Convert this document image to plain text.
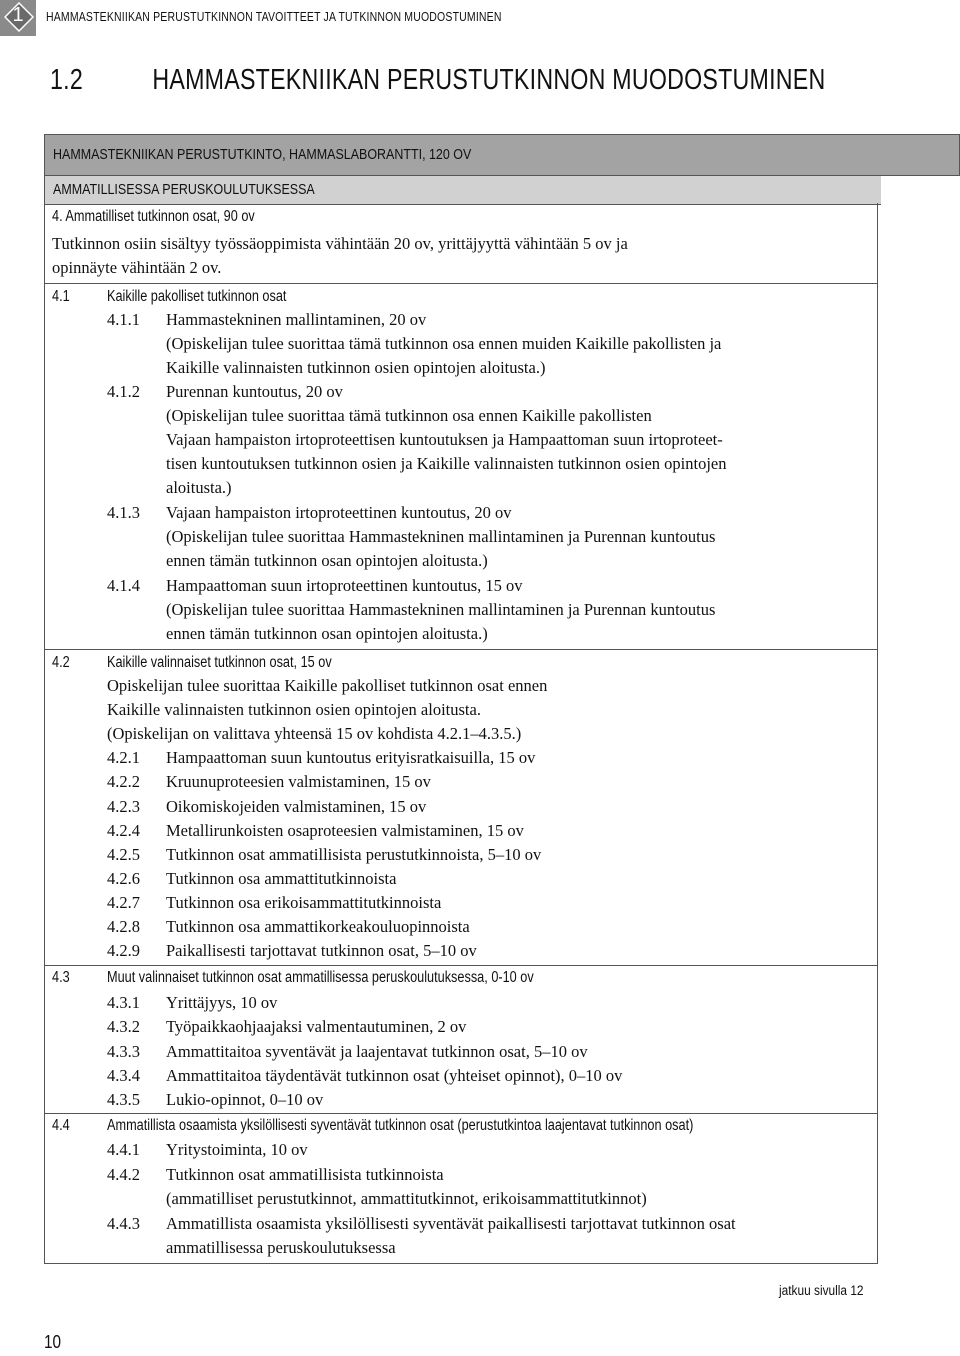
1	HAMMASTEKNIIKAN PERUSTUTKINNON TAVOITTEET JA TUTKINNON MUODOSTUMINEN
1.2 HAMMASTEKNIIKAN PERUSTUTKINNON MUODOSTUMINEN
HAMMASTEKNIIKAN PERUSTUTKINTO, HAMMASLABORANTTI, 120 OV
AMMATILLISESSA PERUSKOULUTUKSESSA
4. Ammatilliset tutkinnon osat, 90 ov
Tutkinnon osiin sisältyy työssäoppimista vähintään 20 ov, yrittäjyyttä vähintään 5 ov ja
opinnäyte vähintään 2 ov.
4.1 Kaikille pakolliset tutkinnon osat
4.1.1 Hammastekninen mallintaminen, 20 ov
(Opiskelijan tulee suorittaa tämä tutkinnon osa ennen muiden Kaikille pakollisten ja
Kaikille valinnaisten tutkinnon osien opintojen aloitusta.)
4.1.2 Purennan kuntoutus, 20 ov
(Opiskelijan tulee suorittaa tämä tutkinnon osa ennen Kaikille pakollisten
Vajaan hampaiston irtoproteettisen kuntoutuksen ja Hampaattoman suun irtoproteet-
tisen kuntoutuksen tutkinnon osien ja Kaikille valinnaisten tutkinnon osien opintojen
aloitusta.)
4.1.3 Vajaan hampaiston irtoproteettinen kuntoutus, 20 ov
(Opiskelijan tulee suorittaa Hammastekninen mallintaminen ja Purennan kuntoutus
ennen tämän tutkinnon osan opintojen aloitusta.)
4.1.4 Hampaattoman suun irtoproteettinen kuntoutus, 15 ov
(Opiskelijan tulee suorittaa Hammastekninen mallintaminen ja Purennan kuntoutus
ennen tämän tutkinnon osan opintojen aloitusta.)
4.2 Kaikille valinnaiset tutkinnon osat, 15 ov
Opiskelijan tulee suorittaa Kaikille pakolliset tutkinnon osat ennen
Kaikille valinnaisten tutkinnon osien opintojen aloitusta.
(Opiskelijan on valittava yhteensä 15 ov kohdista 4.2.1–4.3.5.)
4.2.1 Hampaattoman suun kuntoutus erityisratkaisuilla, 15 ov
4.2.2 Kruunuproteesien valmistaminen, 15 ov
4.2.3 Oikomiskojeiden valmistaminen, 15 ov
4.2.4 Metallirunkoisten osaproteesien valmistaminen, 15 ov
4.2.5 Tutkinnon osat ammatillisista perustutkinnoista, 5–10 ov
4.2.6 Tutkinnon osa ammattitutkinnoista
4.2.7 Tutkinnon osa erikoisammattitutkinnoista
4.2.8 Tutkinnon osa ammattikorkeakouluopinnoista
4.2.9 Paikallisesti tarjottavat tutkinnon osat, 5–10 ov
4.3 Muut valinnaiset tutkinnon osat ammatillisessa peruskoulutuksessa, 0-10 ov
4.3.1 Yrittäjyys, 10 ov
4.3.2 Työpaikkaohjaajaksi valmentautuminen, 2 ov
4.3.3 Ammattitaitoa syventävät ja laajentavat tutkinnon osat, 5–10 ov
4.3.4 Ammattitaitoa täydentävät tutkinnon osat (yhteiset opinnot), 0–10 ov
4.3.5 Lukio-opinnot, 0–10 ov
4.4 Ammatillista osaamista yksilöllisesti syventävät tutkinnon osat (perustutkintoa laajentavat tutkinnon osat)
4.4.1 Yritystoiminta, 10 ov
4.4.2 Tutkinnon osat ammatillisista tutkinnoista
(ammatilliset perustutkinnot, ammattitutkinnot, erikoisammattitutkinnot)
4.4.3 Ammatillista osaamista yksilöllisesti syventävät paikallisesti tarjottavat tutkinnon osat
ammatillisessa peruskoulutuksessa
jatkuu sivulla 12
10
